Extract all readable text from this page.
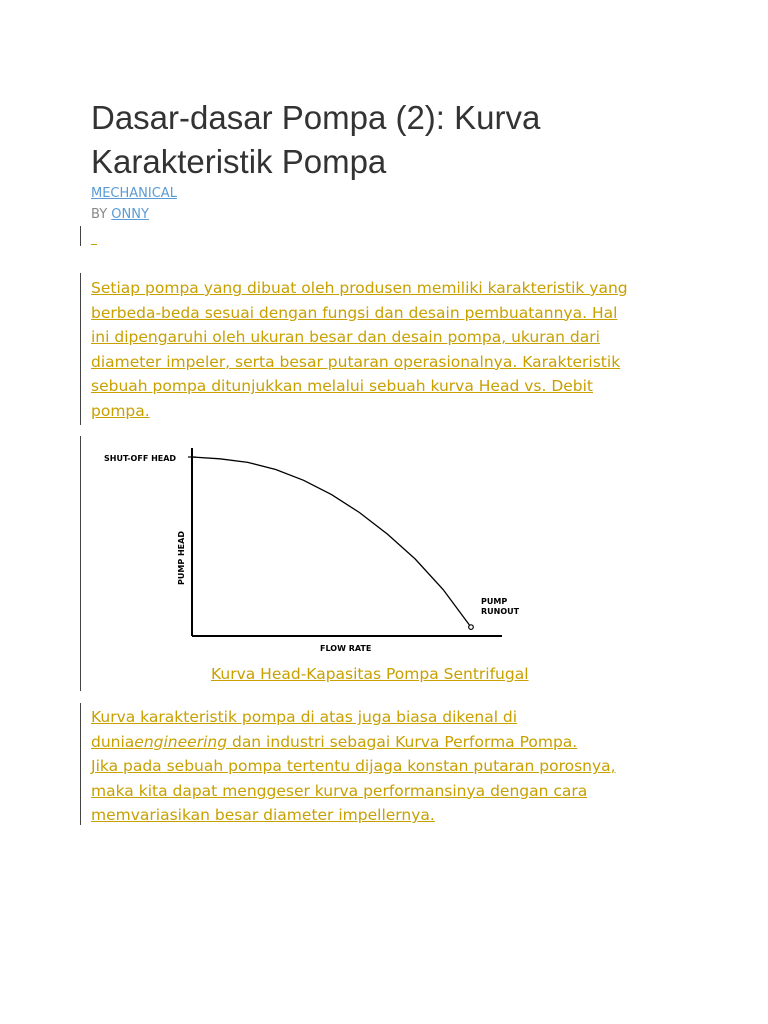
Dasar-dasar Pompa (2): Kurva Karakteristik Pompa
MECHANICAL
BY ONNY
Setiap pompa yang dibuat oleh produsen memiliki karakteristik yang
berbeda-beda sesuai dengan fungsi dan desain pembuatannya. Hal
ini dipengaruhi oleh ukuran besar dan desain pompa, ukuran dari
diameter impeler, serta besar putaran operasionalnya. Karakteristik
sebuah pompa ditunjukkan melalui sebuah kurva Head vs. Debit
pompa.
SHUT-OFF HEAD
PUMP HEAD
FLOW RATE
PUMP
RUNOUT
Kurva Head-Kapasitas Pompa Sentrifugal
Kurva karakteristik pompa di atas juga biasa dikenal di
duniaengineering dan industri sebagai Kurva Performa Pompa.
Jika pada sebuah pompa tertentu dijaga konstan putaran porosnya,
maka kita dapat menggeser kurva performansinya dengan cara
memvariasikan besar diameter impellernya.
